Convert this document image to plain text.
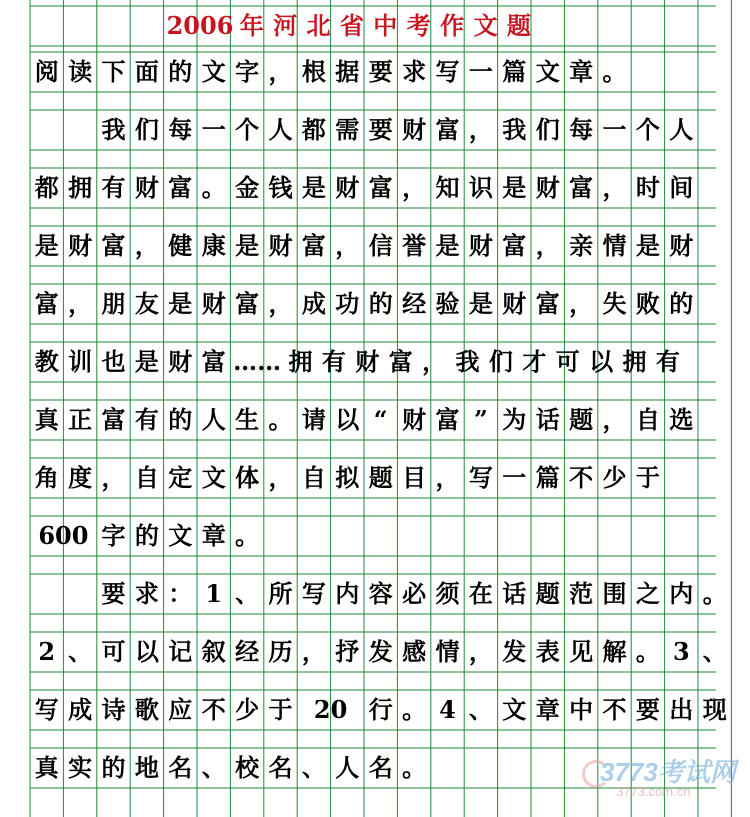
2006 年 河 北 省 中 考 作 文 题
阅 读 下 面 的 文 字 ， 根 据 要 求 写 一 篇 文 章 。
我 们 每 一 个 人 都 需 要 财 富 ， 我 们 每 一 个 人
都 拥 有 财 富 。 金 钱 是 财 富 ， 知 识 是 财 富 ， 时 间
是 财 富 ， 健 康 是 财 富 ， 信 誉 是 财 富 ， 亲 情 是 财
富 ， 朋 友 是 财 富 ， 成 功 的 经 验 是 财 富 ， 失 败 的
教 训 也 是 财 富 …… 拥 有 财 富 ， 我 们 才 可 以 拥 有
真 正 富 有 的 人 生 。 请 以 “ 财 富 ” 为 话 题 ， 自 选
角 度 ， 自 定 文 体 ， 自 拟 题 目 ， 写 一 篇 不 少 于
600 字 的 文 章 。
要 求 ： 1 、 所 写 内 容 必 须 在 话 题 范 围 之 内 。
2 、 可 以 记 叙 经 历 ， 抒 发 感 情 ， 发 表 见 解 。 3 、
写 成 诗 歌 应 不 少 于 20 行 。 4 、 文 章 中 不 要 出 现
真 实 的 地 名 、 校 名 、 人 名 。	3773考试网
3773.com.cn
